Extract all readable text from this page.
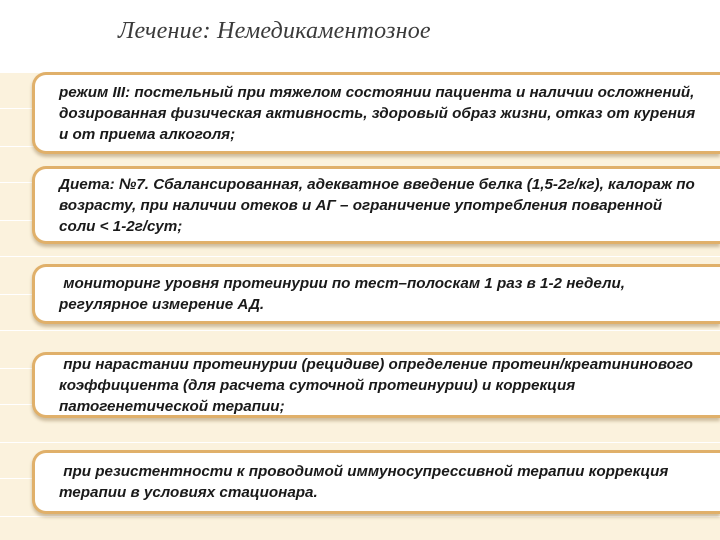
Лечение: Немедикаментозное
режим III: постельный при тяжелом состоянии пациента и наличии осложнений, дозированная физическая активность, здоровый образ жизни, отказ от курения и от приема алкоголя;
Диета: №7. Сбалансированная, адекватное введение белка (1,5-2г/кг), калораж по возрасту, при наличии отеков и АГ – ограничение употребления поваренной соли < 1-2г/сут;
мониторинг уровня протеинурии по тест–полоскам 1 раз в 1-2 недели, регулярное измерение АД.
при нарастании протеинурии (рецидиве) определение протеин/креатининового коэффициента (для расчета суточной протеинурии) и коррекция патогенетической терапии;
при резистентности к проводимой иммуносупрессивной терапии коррекция терапии в условиях стационара.
